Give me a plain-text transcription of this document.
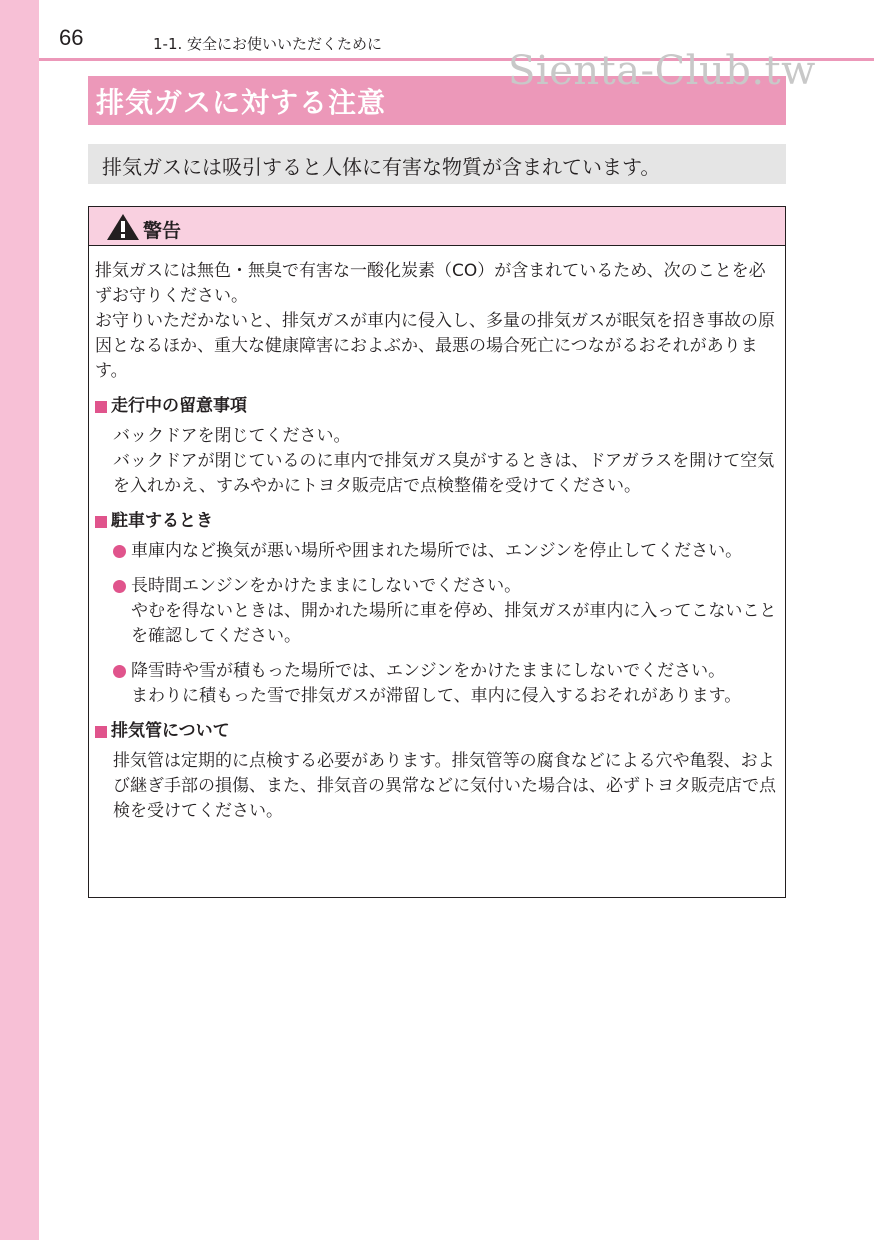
66	1-1. 安全にお使いいただくために
排気ガスに対する注意
Sienta-Club.tw
排気ガスには吸引すると人体に有害な物質が含まれています。
警告

排気ガスには無色・無臭で有害な一酸化炭素（CO）が含まれているため、次のことを必ずお守りください。

お守りいただかないと、排気ガスが車内に侵入し、多量の排気ガスが眠気を招き事故の原因となるほか、重大な健康障害におよぶか、最悪の場合死亡につながるおそれがあります。

走行中の留意事項

バックドアを閉じてください。

バックドアが閉じているのに車内で排気ガス臭がするときは、ドアガラスを開けて空気を入れかえ、すみやかにトヨタ販売店で点検整備を受けてください。

駐車するとき

車庫内など換気が悪い場所や囲まれた場所では、エンジンを停止してください。

長時間エンジンをかけたままにしないでください。

やむを得ないときは、開かれた場所に車を停め、排気ガスが車内に入ってこないことを確認してください。

降雪時や雪が積もった場所では、エンジンをかけたままにしないでください。

まわりに積もった雪で排気ガスが滞留して、車内に侵入するおそれがあります。

排気管について

排気管は定期的に点検する必要があります。排気管等の腐食などによる穴や亀裂、および継ぎ手部の損傷、また、排気音の異常などに気付いた場合は、必ずトヨタ販売店で点検を受けてください。
